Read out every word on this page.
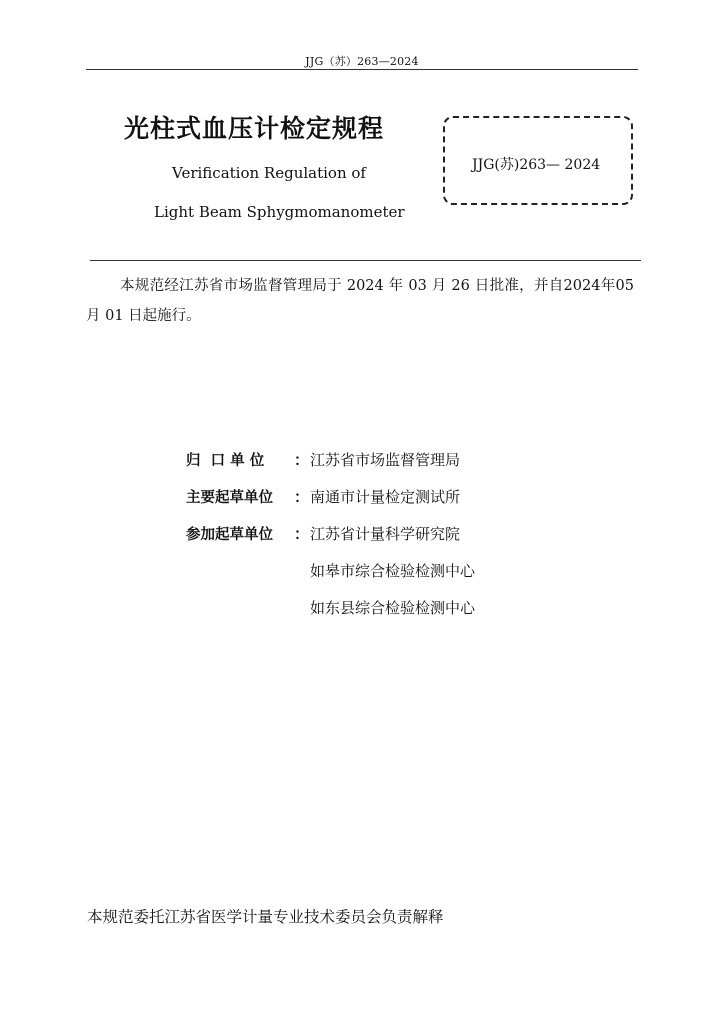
JJG（苏）263—2024
光柱式血压计检定规程
Verification Regulation of
Light Beam Sphygmomanometer
JJG(苏)263— 2024
本规范经江苏省市场监督管理局于 2024 年 03 月 26 日批准，并自2024年05 月 01 日起施行。
归  口 单 位	： 江苏省市场监督管理局
主要起草单位	： 南通市计量检定测试所
参加起草单位	： 江苏省计量科学研究院
如皋市综合检验检测中心
如东县综合检验检测中心
本规范委托江苏省医学计量专业技术委员会负责解释
